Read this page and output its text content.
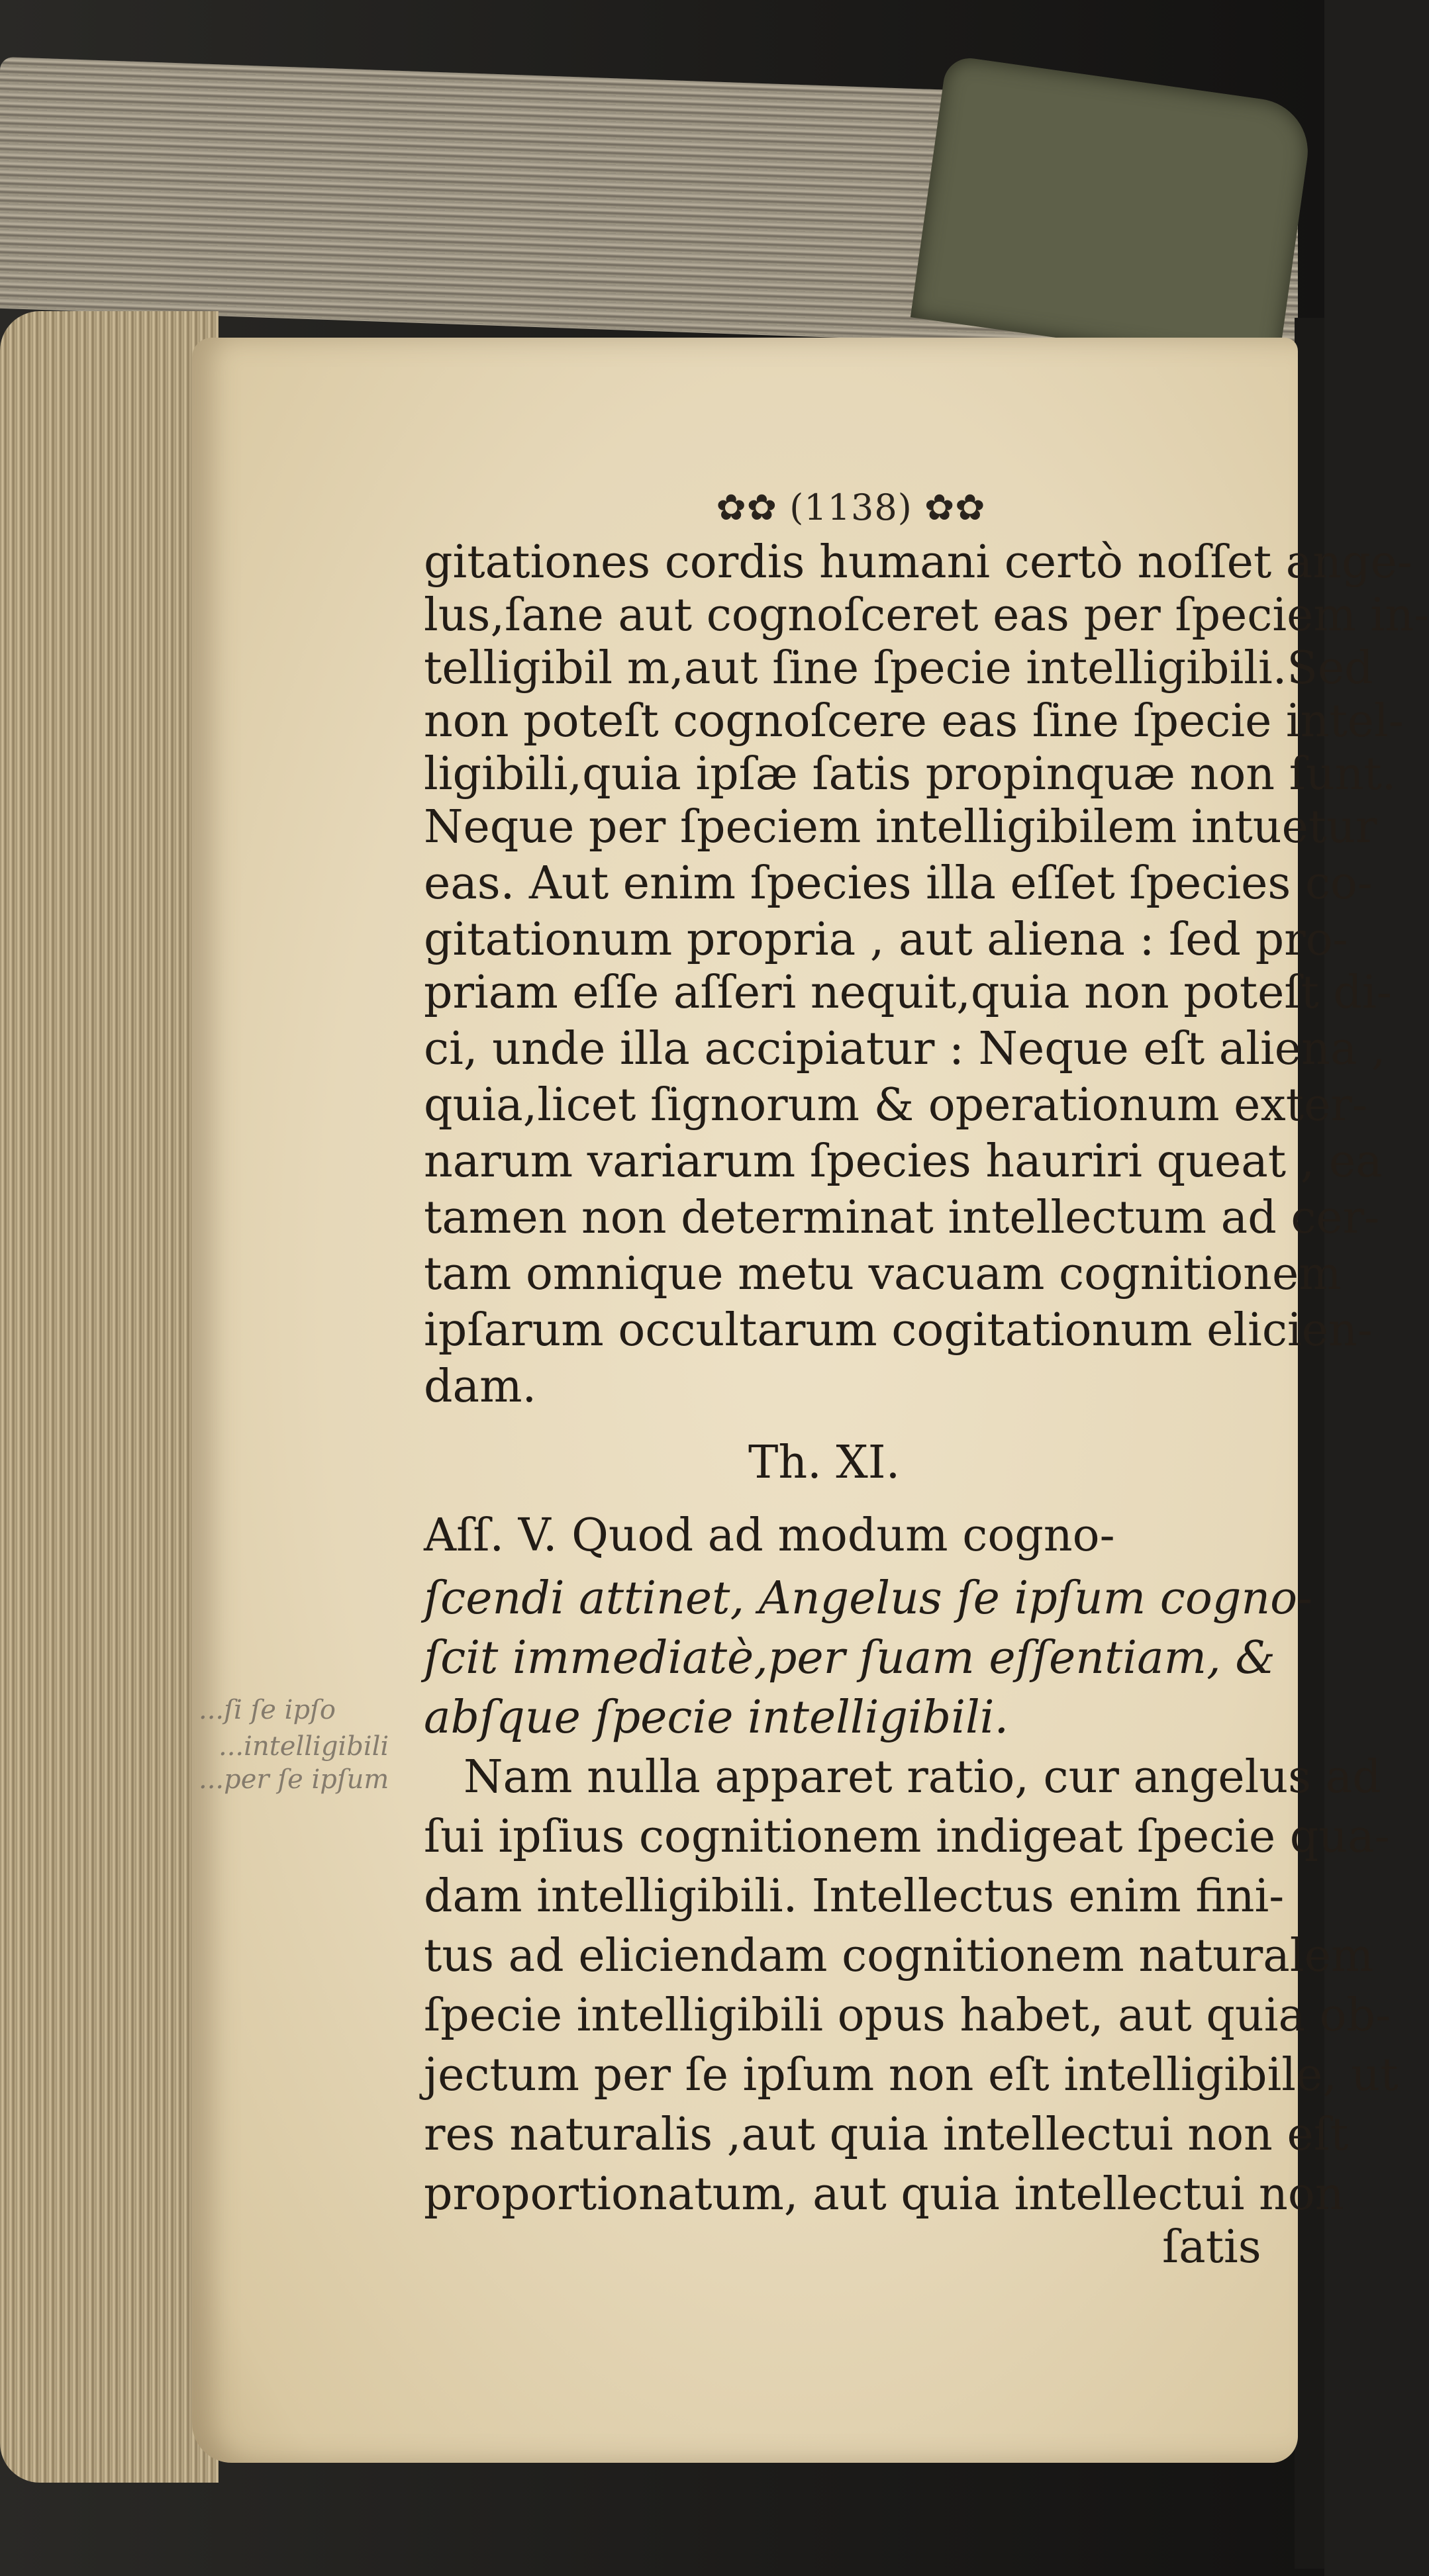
✿✿ (1138) ✿✿
gitationes cordis humani certò noſſet ange-
lus,ſane aut cognoſceret eas per ſpeciem in-
telligibil m,aut ſine ſpecie intelligibili.Sed
non poteſt cognoſcere eas ſine ſpecie intel-
ligibili,quia ipſæ ſatis propinquæ non ſunt.
Neque per ſpeciem intelligibilem intuetur
eas. Aut enim ſpecies illa eſſet ſpecies co-
gitationum propria , aut aliena : ſed pro-
priam eſſe aſſeri nequit,quia non poteſt di-
ci, unde illa accipiatur : Neque eſt aliena ,
quia,licet ſignorum & operationum exter-
narum variarum ſpecies hauriri queat , ea
tamen non determinat intellectum ad cer-
tam omnique metu vacuam cognitionem
ipſarum occultarum cogitationum elicien-
dam.
Th. XI.
Aſſ. V. Quod ad modum cogno-
ſcendi attinet, Angelus ſe ipſum cogno-
ſcit immediatè,per ſuam eſſentiam, &
abſque ſpecie intelligibili.
Nam nulla apparet ratio, cur angelus ad
ſui ipſius cognitionem indigeat ſpecie qua-
dam intelligibili. Intellectus enim fini-
tus ad eliciendam cognitionem naturalem
ſpecie intelligibili opus habet, aut quia ob-
jectum per ſe ipſum non eſt intelligibile, ut
res naturalis ,aut quia intellectui non eſt
proportionatum, aut quia intellectui non
ſatis
...ſi ſe ipſo
...intelligibili
...per ſe ipſum
